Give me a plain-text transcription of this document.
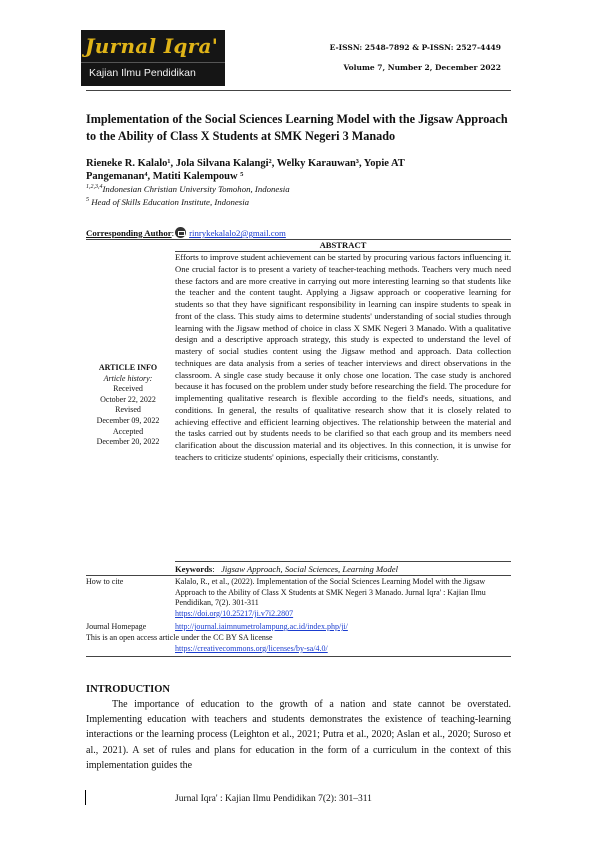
Jurnal Iqra'
Kajian Ilmu Pendidikan
E-ISSN: 2548-7892 & P-ISSN: 2527-4449
Volume 7, Number 2, December 2022
Implementation of the Social Sciences Learning Model with the Jigsaw Approach to the Ability of Class X Students at SMK Negeri 3 Manado
Rieneke R. Kalalo¹, Jola Silvana Kalangi², Welky Karauwan³, Yopie AT
Pangemanan⁴, Matiti Kalempouw ⁵
$^{1,2,3,4}$Indonesian Christian University Tomohon, Indonesia
$^5$ Head of Skills Education Institute, Indonesia
Corresponding Author: rinrykekalalo2@gmail.com
ABSTRACT
Efforts to improve student achievement can be started by procuring various factors influencing it. One crucial factor is to present a variety of teacher-teaching methods. Teachers very much need these factors and are more creative in carrying out more interesting learning so that students like the teacher and the content taught. Applying a Jigsaw approach or cooperative learning for students so that they have significant responsibility in learning can inspire students to speak in front of the class. This study aims to determine students' understanding of social studies through learning with the Jigsaw method of choice in class X SMK Negeri 3 Manado. With a qualitative design and a descriptive approach strategy, this study is expected to understand the level of mastery of social studies content using the Jigsaw method and approach. Data collection techniques are data analysis from a series of teacher interviews and direct observations in the classroom. A single case study because it only chose one location. The case study is anchored because it has focused on the problem under study before researching the field. The procedure for implementing qualitative research is flexible according to the field's needs, situations, and conditions. In general, the results of qualitative research show that it is closely related to achieving effective and efficient learning objectives. The relationship between the material and the tasks carried out by students needs to be clarified so that each group and its members need clarification about the discussion material and its objectives. In this connection, it is unwise for teachers to criticize students' opinions, especially their criticisms, constantly.
ARTICLE INFO
Article history:
Received
October 22, 2022
Revised
December 09, 2022
Accepted
December 20, 2022
Keywords:   Jigsaw Approach, Social Sciences, Learning Model
How to cite	Kalalo, R., et al., (2022). Implementation of the Social Sciences Learning Model with the Jigsaw Approach to the Ability of Class X Students at SMK Negeri 3 Manado. Jurnal Iqra' : Kajian Ilmu Pendidikan, 7(2). 301-311
https://doi.org/10.25217/ji.v7i2.2807
Journal Homepage	http://journal.iaimnumetrolampung.ac.id/index.php/ji/
This is an open access article under the CC BY SA license
https://creativecommons.org/licenses/by-sa/4.0/
INTRODUCTION
The importance of education to the growth of a nation and state cannot be overstated. Implementing education with teachers and students demonstrates the existence of teaching-learning interactions or the learning process (Leighton et al., 2021; Putra et al., 2020; Aslan et al., 2020; Suroso et al., 2021). A set of rules and plans for education in the form of a curriculum in the context of this implementation guides the
Jurnal Iqra' : Kajian Ilmu Pendidikan 7(2): 301–311
